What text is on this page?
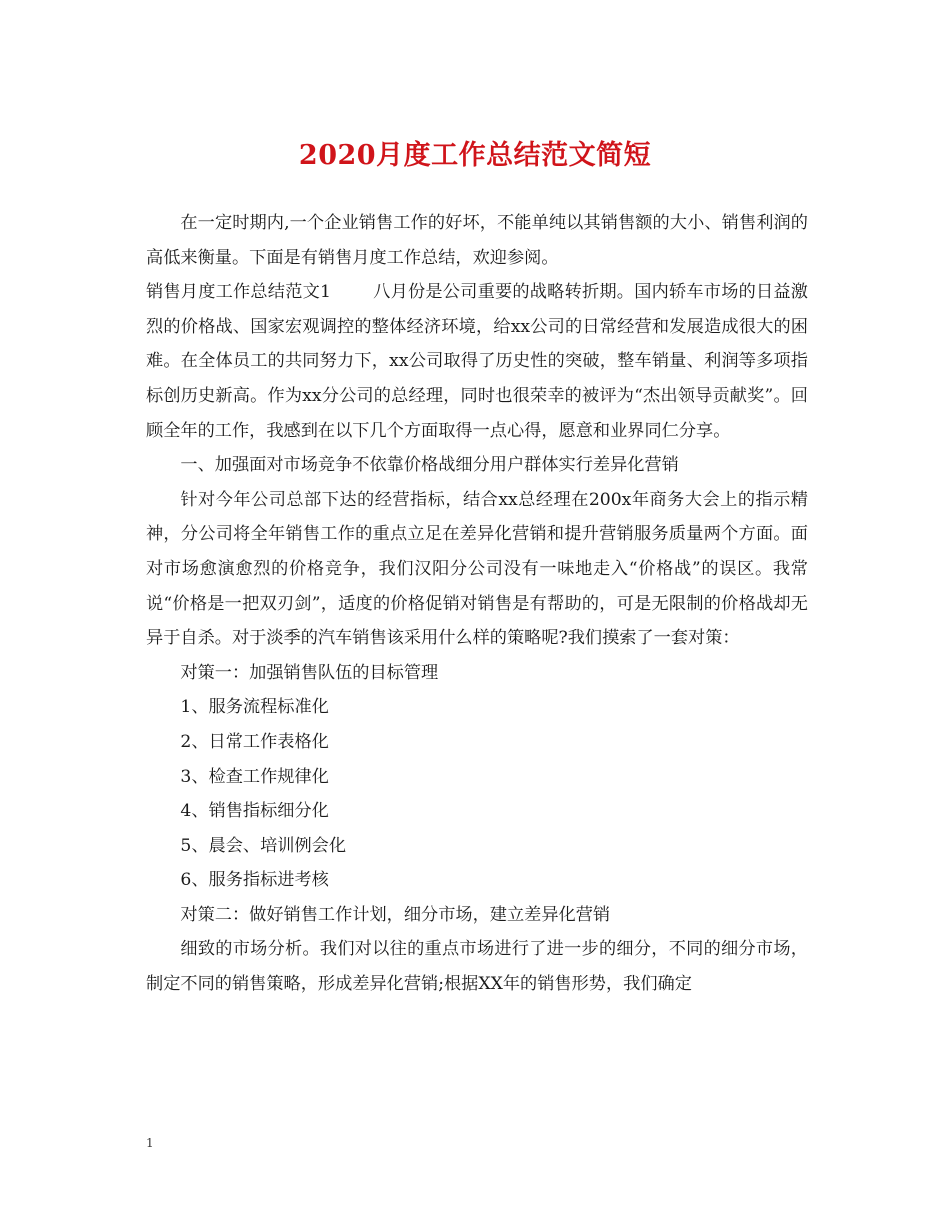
2020月度工作总结范文简短

在一定时期内,一个企业销售工作的好坏，不能单纯以其销售额的大小、销售利润的高低来衡量。下面是有销售月度工作总结，欢迎参阅。

销售月度工作总结范文1 八月份是公司重要的战略转折期。国内轿车市场的日益激烈的价格战、国家宏观调控的整体经济环境，给xx公司的日常经营和发展造成很大的困难。在全体员工的共同努力下，xx公司取得了历史性的突破，整车销量、利润等多项指标创历史新高。作为xx分公司的总经理，同时也很荣幸的被评为“杰出领导贡献奖”。回顾全年的工作，我感到在以下几个方面取得一点心得，愿意和业界同仁分享。

一、加强面对市场竞争不依靠价格战细分用户群体实行差异化营销

针对今年公司总部下达的经营指标，结合xx总经理在200x年商务大会上的指示精神，分公司将全年销售工作的重点立足在差异化营销和提升营销服务质量两个方面。面对市场愈演愈烈的价格竞争，我们汉阳分公司没有一味地走入“价格战”的误区。我常说“价格是一把双刃剑”，适度的价格促销对销售是有帮助的，可是无限制的价格战却无异于自杀。对于淡季的汽车销售该采用什么样的策略呢?我们摸索了一套对策：

对策一：加强销售队伍的目标管理

1、服务流程标准化

2、日常工作表格化

3、检查工作规律化

4、销售指标细分化

5、晨会、培训例会化

6、服务指标进考核

对策二：做好销售工作计划，细分市场，建立差异化营销

细致的市场分析。我们对以往的重点市场进行了进一步的细分，不同的细分市场，制定不同的销售策略，形成差异化营销;根据XX年的销售形势，我们确定

1
